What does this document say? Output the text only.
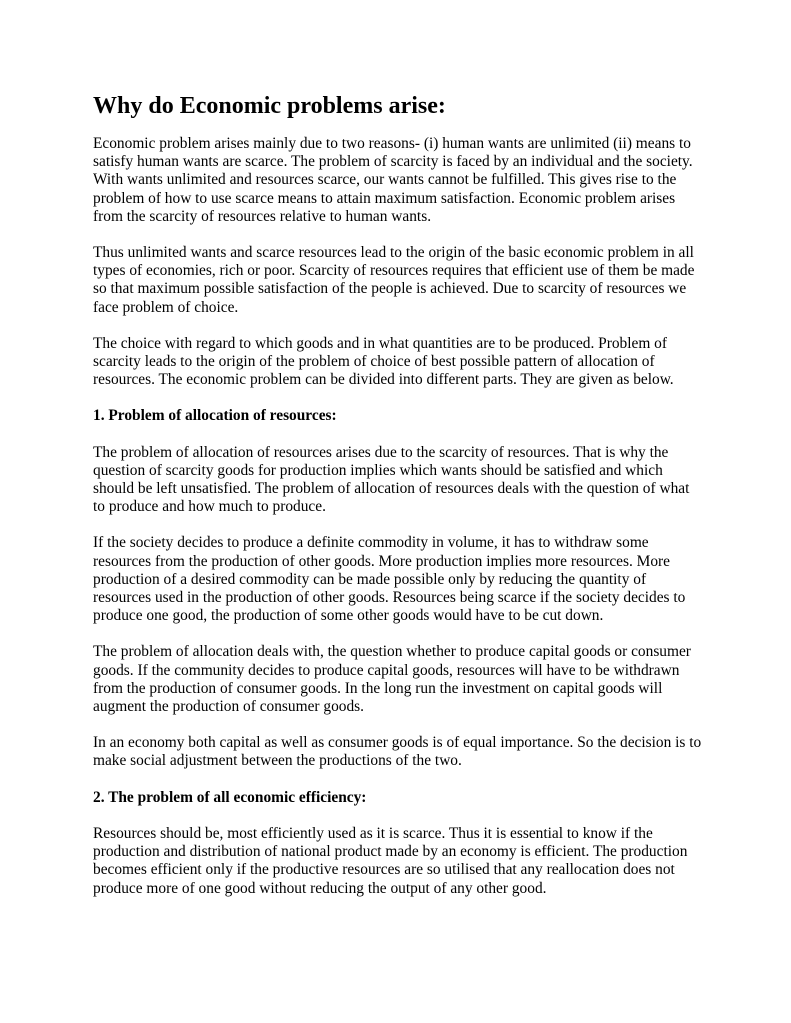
Why do Economic problems arise:

Economic problem arises mainly due to two reasons- (i) human wants are unlimited (ii) means to satisfy human wants are scarce. The problem of scarcity is faced by an individual and the society. With wants unlimited and resources scarce, our wants cannot be fulfilled. This gives rise to the problem of how to use scarce means to attain maximum satisfaction. Economic problem arises from the scarcity of resources relative to human wants.

Thus unlimited wants and scarce resources lead to the origin of the basic economic problem in all types of economies, rich or poor. Scarcity of resources requires that efficient use of them be made so that maximum possible satisfaction of the people is achieved. Due to scarcity of resources we face problem of choice.

The choice with regard to which goods and in what quantities are to be produced. Problem of scarcity leads to the origin of the problem of choice of best possible pattern of allocation of resources. The economic problem can be divided into different parts. They are given as below.

1. Problem of allocation of resources:

The problem of allocation of resources arises due to the scarcity of resources. That is why the question of scarcity goods for production implies which wants should be satisfied and which should be left unsatisfied. The problem of allocation of resources deals with the question of what to produce and how much to produce.

If the society decides to produce a definite commodity in volume, it has to withdraw some resources from the production of other goods. More production implies more resources. More production of a desired commodity can be made possible only by reducing the quantity of resources used in the production of other goods. Resources being scarce if the society decides to produce one good, the production of some other goods would have to be cut down.

The problem of allocation deals with, the question whether to produce capital goods or consumer goods. If the community decides to produce capital goods, resources will have to be withdrawn from the production of consumer goods. In the long run the investment on capital goods will augment the production of consumer goods.

In an economy both capital as well as consumer goods is of equal importance. So the decision is to make social adjustment between the productions of the two.

2. The problem of all economic efficiency:

Resources should be, most efficiently used as it is scarce. Thus it is essential to know if the production and distribution of national product made by an economy is efficient. The production becomes efficient only if the productive resources are so utilised that any reallocation does not produce more of one good without reducing the output of any other good.
